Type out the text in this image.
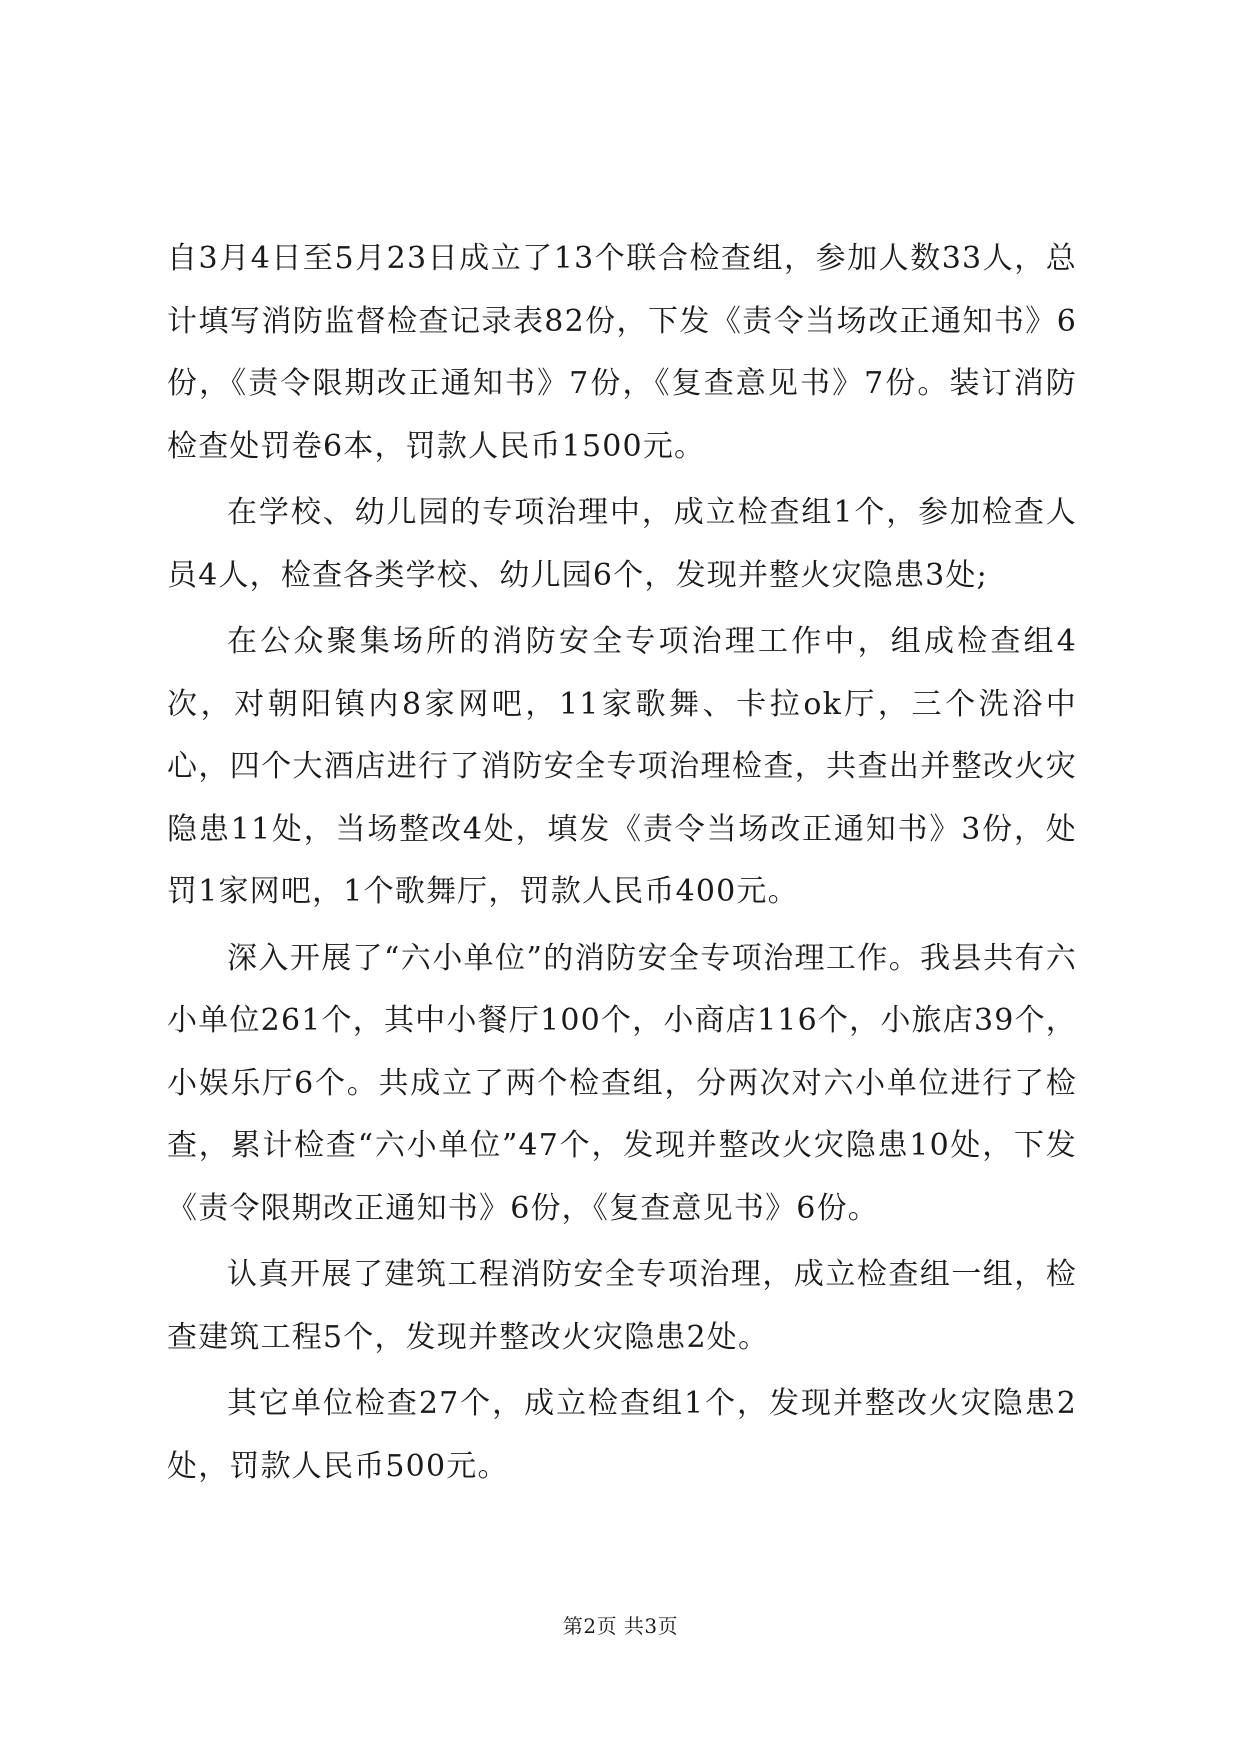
自3月4日至5月23日成立了13个联合检查组，参加人数33人，总计填写消防监督检查记录表82份，下发《责令当场改正通知书》6份，《责令限期改正通知书》7份，《复查意见书》7份。装订消防检查处罚卷6本，罚款人民币1500元。

在学校、幼儿园的专项治理中，成立检查组1个，参加检查人员4人，检查各类学校、幼儿园6个，发现并整火灾隐患3处;

在公众聚集场所的消防安全专项治理工作中，组成检查组4次，对朝阳镇内8家网吧，11家歌舞、卡拉ok厅，三个洗浴中心，四个大酒店进行了消防安全专项治理检查，共查出并整改火灾隐患11处，当场整改4处，填发《责令当场改正通知书》3份，处罚1家网吧，1个歌舞厅，罚款人民币400元。

深入开展了“六小单位”的消防安全专项治理工作。我县共有六小单位261个，其中小餐厅100个，小商店116个，小旅店39个，小娱乐厅6个。共成立了两个检查组，分两次对六小单位进行了检查，累计检查“六小单位”47个，发现并整改火灾隐患10处，下发《责令限期改正通知书》6份，《复查意见书》6份。

认真开展了建筑工程消防安全专项治理，成立检查组一组，检查建筑工程5个，发现并整改火灾隐患2处。

其它单位检查27个，成立检查组1个，发现并整改火灾隐患2处，罚款人民币500元。

第2页 共3页
